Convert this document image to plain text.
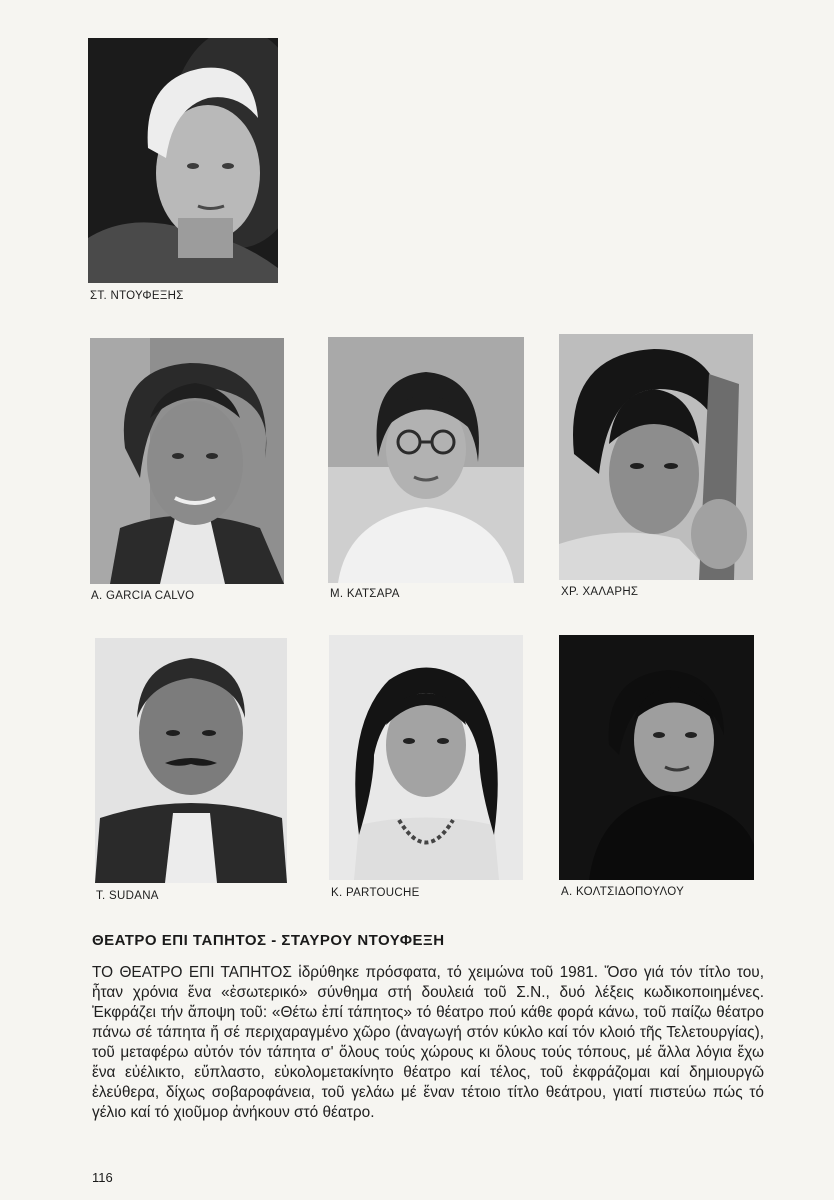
ΣΤ. ΝΤΟΥΦΕΞΗΣ
A. GARCIA CALVO	Μ. ΚΑΤΣΑΡΑ	ΧΡ. ΧΑΛΑΡΗΣ
T. SUDANA	K. PARTOUCHE	Α. ΚΟΛΤΣΙΔΟΠΟΥΛΟΥ
ΘΕΑΤΡΟ ΕΠΙ ΤΑΠΗΤΟΣ - ΣΤΑΥΡΟΥ ΝΤΟΥΦΕΞΗ

ΤΟ ΘΕΑΤΡΟ ΕΠΙ ΤΑΠΗΤΟΣ ἱδρύθηκε πρόσφατα, τό χειμώνα τοῦ 1981. Ὅσο γιά τόν τίτλο του, ἦταν χρόνια ἕνα «ἐσωτερικό» σύνθημα στή δουλειά τοῦ Σ.Ν., δυό λέξεις κωδικοποιημένες. Ἐκφράζει τήν ἄποψη τοῦ: «Θέτω ἐπί τάπητος» τό θέατρο πού κάθε φορά κάνω, τοῦ παίζω θέατρο πάνω σέ τάπητα ἤ σέ περιχαραγμένο χῶρο (ἀναγωγή στόν κύκλο καί τόν κλοιό τῆς Τελετουργίας), τοῦ μεταφέρω αὐτόν τόν τάπητα σ' ὅλους τούς χώρους κι ὅλους τούς τόπους, μέ ἄλλα λόγια ἔχω ἕνα εὐέλικτο, εὔπλαστο, εὐκολομετακίνητο θέατρο καί τέλος, τοῦ ἐκφράζομαι καί δημιουργῶ ἐλεύθερα, δίχως σοβαροφάνεια, τοῦ γελάω μέ ἕναν τέτοιο τίτλο θεάτρου, γιατί πιστεύω πώς τό γέλιο καί τό χιοῦμορ ἀνήκουν στό θέατρο.

116
